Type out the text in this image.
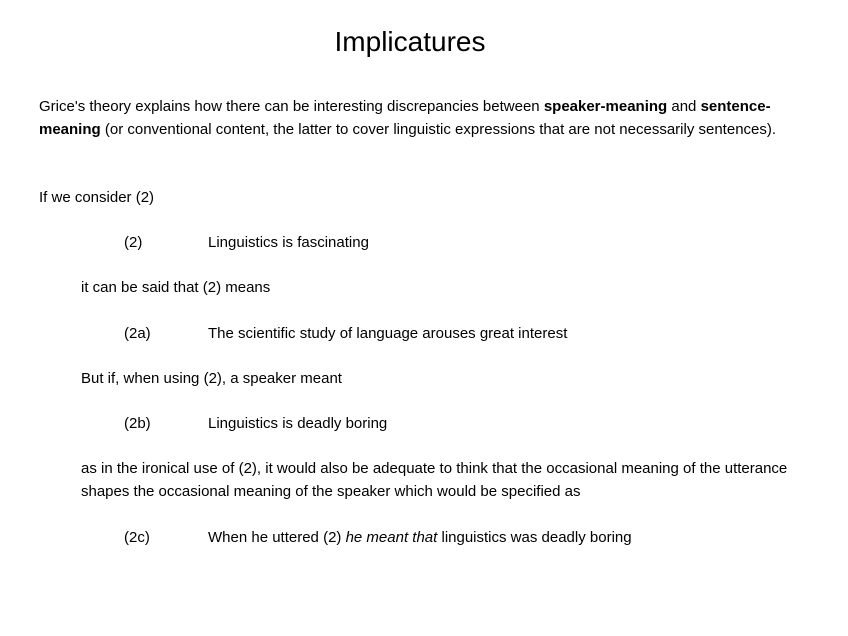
Implicatures

Grice's theory explains how there can be interesting discrepancies between speaker-meaning and sentence-meaning (or conventional content, the latter to cover linguistic expressions that are not necessarily sentences).

If we consider (2)

(2)	Linguistics is fascinating

it can be said that (2) means

(2a)	The scientific study of language arouses great interest

But if, when using (2), a speaker meant

(2b)	Linguistics is deadly boring

as in the ironical use of (2), it would also be adequate to think that the occasional meaning of the utterance shapes the occasional meaning of the speaker which would be specified as

(2c)	When he uttered (2) he meant that linguistics was deadly boring
